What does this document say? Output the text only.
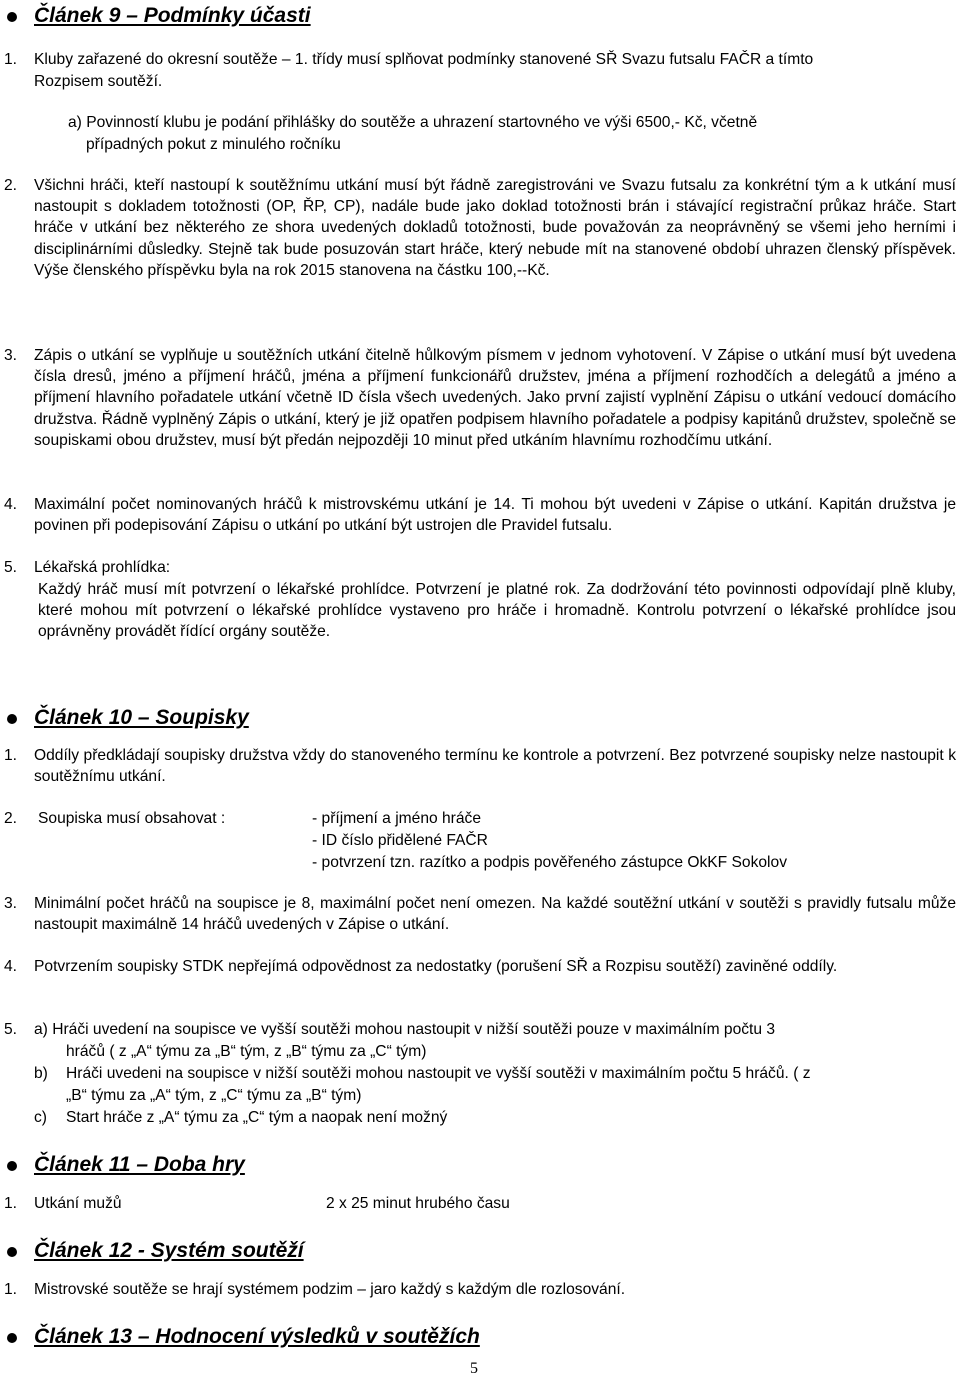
Článek 9 – Podmínky účasti
1. Kluby zařazené do okresní soutěže – 1. třídy musí splňovat podmínky stanovené SŘ Svazu futsalu FAČR a tímto
Rozpisem soutěží.
a) Povinností klubu je podání přihlášky do soutěže a uhrazení startovného ve výši 6500,- Kč, včetně
případných pokut z minulého ročníku
2. Všichni hráči, kteří nastoupí k soutěžnímu utkání musí být řádně zaregistrováni ve Svazu futsalu za konkrétní tým a k utkání musí nastoupit s dokladem totožnosti (OP, ŘP, CP), nadále bude jako doklad totožnosti brán i stávající registrační průkaz hráče. Start hráče v utkání bez některého ze shora uvedených dokladů totožnosti, bude považován za neoprávněný se všemi jeho herními i disciplinárními důsledky. Stejně tak bude posuzován start hráče, který nebude mít na stanovené období uhrazen členský příspěvek. Výše členského příspěvku byla na rok 2015 stanovena na částku 100,--Kč.
3. Zápis o utkání se vyplňuje u soutěžních utkání čitelně hůlkovým písmem v jednom vyhotovení. V Zápise o utkání musí být uvedena čísla dresů, jméno a příjmení hráčů, jména a příjmení funkcionářů družstev, jména a příjmení rozhodčích a delegátů a jméno a příjmení hlavního pořadatele utkání včetně ID čísla všech uvedených. Jako první zajistí vyplnění Zápisu o utkání vedoucí domácího družstva. Řádně vyplněný Zápis o utkání, který je již opatřen podpisem hlavního pořadatele a podpisy kapitánů družstev, společně se soupiskami obou družstev, musí být předán nejpozději 10 minut před utkáním hlavnímu rozhodčímu utkání.
4. Maximální počet nominovaných hráčů k mistrovskému utkání je 14. Ti mohou být uvedeni v Zápise o utkání. Kapitán družstva je povinen při podepisování Zápisu o utkání po utkání být ustrojen dle Pravidel futsalu.
5. Lékařská prohlídka:
Každý hráč musí mít potvrzení o lékařské prohlídce. Potvrzení je platné rok. Za dodržování této povinnosti odpovídají plně kluby, které mohou mít potvrzení o lékařské prohlídce vystaveno pro hráče i hromadně. Kontrolu potvrzení o lékařské prohlídce jsou oprávněny provádět řídící orgány soutěže.
Článek 10 – Soupisky
1. Oddíly předkládají soupisky družstva vždy do stanoveného termínu ke kontrole a potvrzení. Bez potvrzené soupisky nelze nastoupit k soutěžnímu utkání.
2. Soupiska musí obsahovat :	- příjmení a jméno hráče
- ID číslo přidělené FAČR
- potvrzení tzn. razítko a podpis pověřeného zástupce OkKF Sokolov
3. Minimální počet hráčů na soupisce je 8, maximální počet není omezen. Na každé soutěžní utkání v soutěži s pravidly futsalu může nastoupit maximálně 14 hráčů uvedených v Zápise o utkání.
4. Potvrzením soupisky STDK nepřejímá odpovědnost za nedostatky (porušení SŘ a Rozpisu soutěží) zaviněné oddíly.
5. a) Hráči uvedení na soupisce ve vyšší soutěži mohou nastoupit v nižší soutěži pouze v maximálním počtu 3
hráčů ( z „A“ týmu za „B“ tým, z „B“ týmu za „C“ tým)
b) Hráči uvedeni na soupisce v nižší soutěži mohou nastoupit ve vyšší soutěži v maximálním počtu 5 hráčů. ( z
„B“ týmu za „A“ tým, z „C“ týmu za „B“ tým)
c) Start hráče z „A“ týmu za „C“ tým a naopak není možný
Článek 11 – Doba hry
1. Utkání mužů	2 x 25 minut hrubého času
Článek 12 - Systém soutěží
1. Mistrovské soutěže se hrají systémem podzim – jaro každý s každým dle rozlosování.
Článek 13 – Hodnocení výsledků v soutěžích
5
